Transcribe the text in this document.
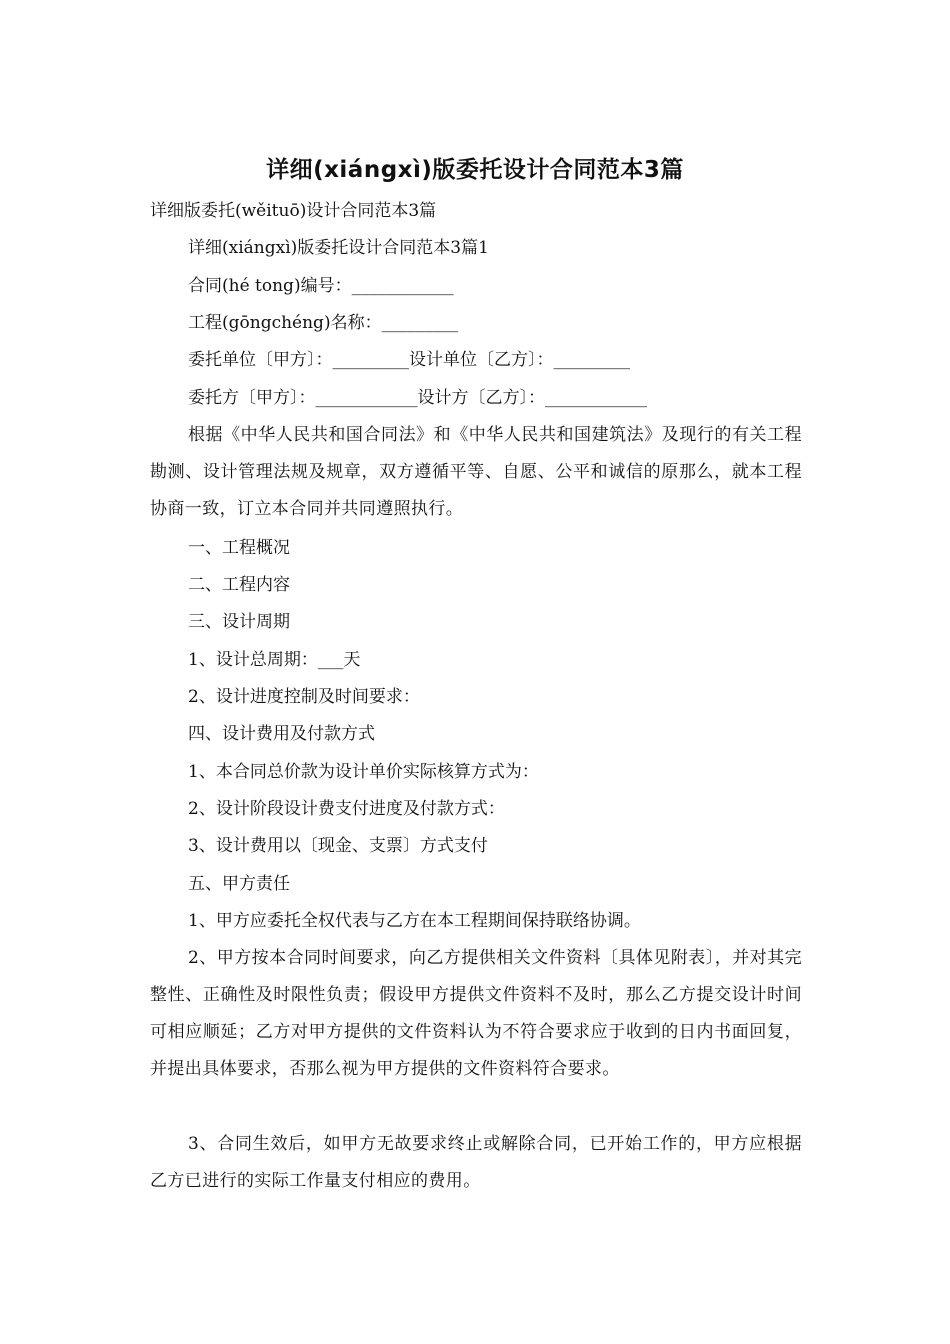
详细(xiángxì)版委托设计合同范本3篇
详细版委托(wěituō)设计合同范本3篇
详细(xiángxì)版委托设计合同范本3篇1
合同(hé tong)编号：____________
工程(gōngchéng)名称：_________
委托单位〔甲方〕：_________设计单位〔乙方〕：_________
委托方〔甲方〕：____________设计方〔乙方〕：____________
根据《中华人民共和国合同法》和《中华人民共和国建筑法》及现行的有关工程勘测、设计管理法规及规章，双方遵循平等、自愿、公平和诚信的原那么，就本工程协商一致，订立本合同并共同遵照执行。
一、工程概况
二、工程内容
三、设计周期
1、设计总周期：___天
2、设计进度控制及时间要求：
四、设计费用及付款方式
1、本合同总价款为设计单价实际核算方式为：
2、设计阶段设计费支付进度及付款方式：
3、设计费用以〔现金、支票〕方式支付
五、甲方责任
1、甲方应委托全权代表与乙方在本工程期间保持联络协调。
2、甲方按本合同时间要求，向乙方提供相关文件资料〔具体见附表〕，并对其完整性、正确性及时限性负责；假设甲方提供文件资料不及时，那么乙方提交设计时间可相应顺延；乙方对甲方提供的文件资料认为不符合要求应于收到的日内书面回复，并提出具体要求，否那么视为甲方提供的文件资料符合要求。
3、合同生效后，如甲方无故要求终止或解除合同，已开始工作的，甲方应根据乙方已进行的实际工作量支付相应的费用。
